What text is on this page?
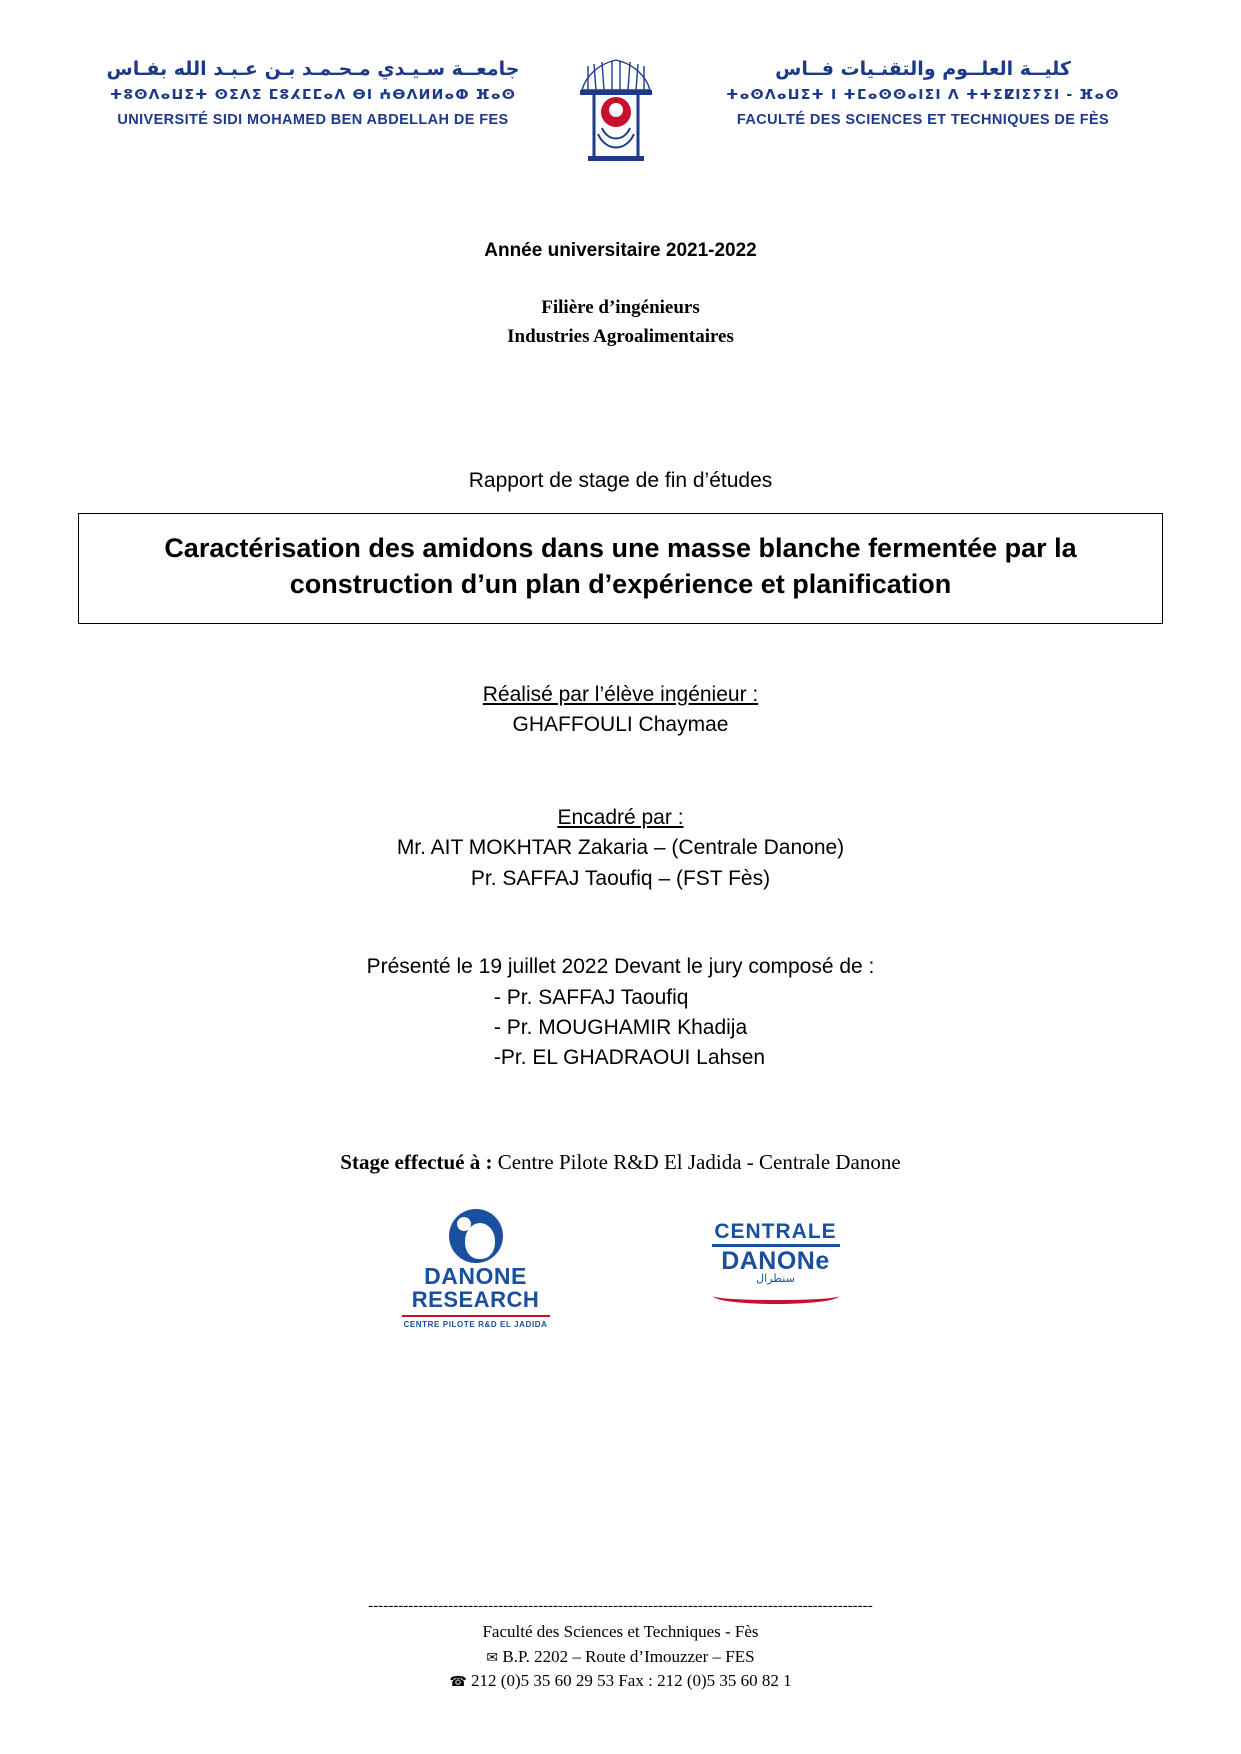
جامعــة سـيـدي مـحـمـد بـن عـبـد الله بفـاس
ⵜⵓⵙⴷⴰⵡⵉⵜ ⵙⵉⴷⵉ ⵎⵓⵃⵎⵎⴰⴷ ⴱⵏ ⵄⴱⴷⵍⵍⴰⵀ ⴼⴰⵙ
UNIVERSITÉ SIDI MOHAMED BEN ABDELLAH DE FES
كليــة العلــوم والتقنـيات فــاس
ⵜⴰⵙⴷⴰⵡⵉⵜ ⵏ ⵜⵎⴰⵙⵙⴰⵏⵉⵏ ⴷ ⵜⵜⵉⵇⵏⵉⵢⵉⵏ - ⴼⴰⵙ
FACULTÉ DES SCIENCES ET TECHNIQUES DE FÈS
Année universitaire 2021-2022
Filière d’ingénieurs
Industries Agroalimentaires
Rapport de stage de fin d’études
Caractérisation des amidons dans une masse blanche fermentée par la construction d’un plan d’expérience et planification
Réalisé par l’élève ingénieur :
GHAFFOULI Chaymae
Encadré par :
Mr. AIT MOKHTAR Zakaria – (Centrale Danone)
Pr. SAFFAJ Taoufiq – (FST Fès)
Présenté le 19 juillet 2022 Devant le jury composé de :
- Pr. SAFFAJ Taoufiq
- Pr. MOUGHAMIR Khadija
-Pr. EL GHADRAOUI Lahsen
Stage effectué à : Centre Pilote R&D El Jadida - Centrale Danone
DANONE
RESEARCH
CENTRE PILOTE R&D EL JADIDA
CENTRALE
DANONe
سنطرال
-----------------------------------------------------------------------------------------------------
Faculté des Sciences et Techniques - Fès
✉ B.P. 2202 – Route d’Imouzzer – FES
☎ 212 (0)5 35 60 29 53 Fax : 212 (0)5 35 60 82 1
